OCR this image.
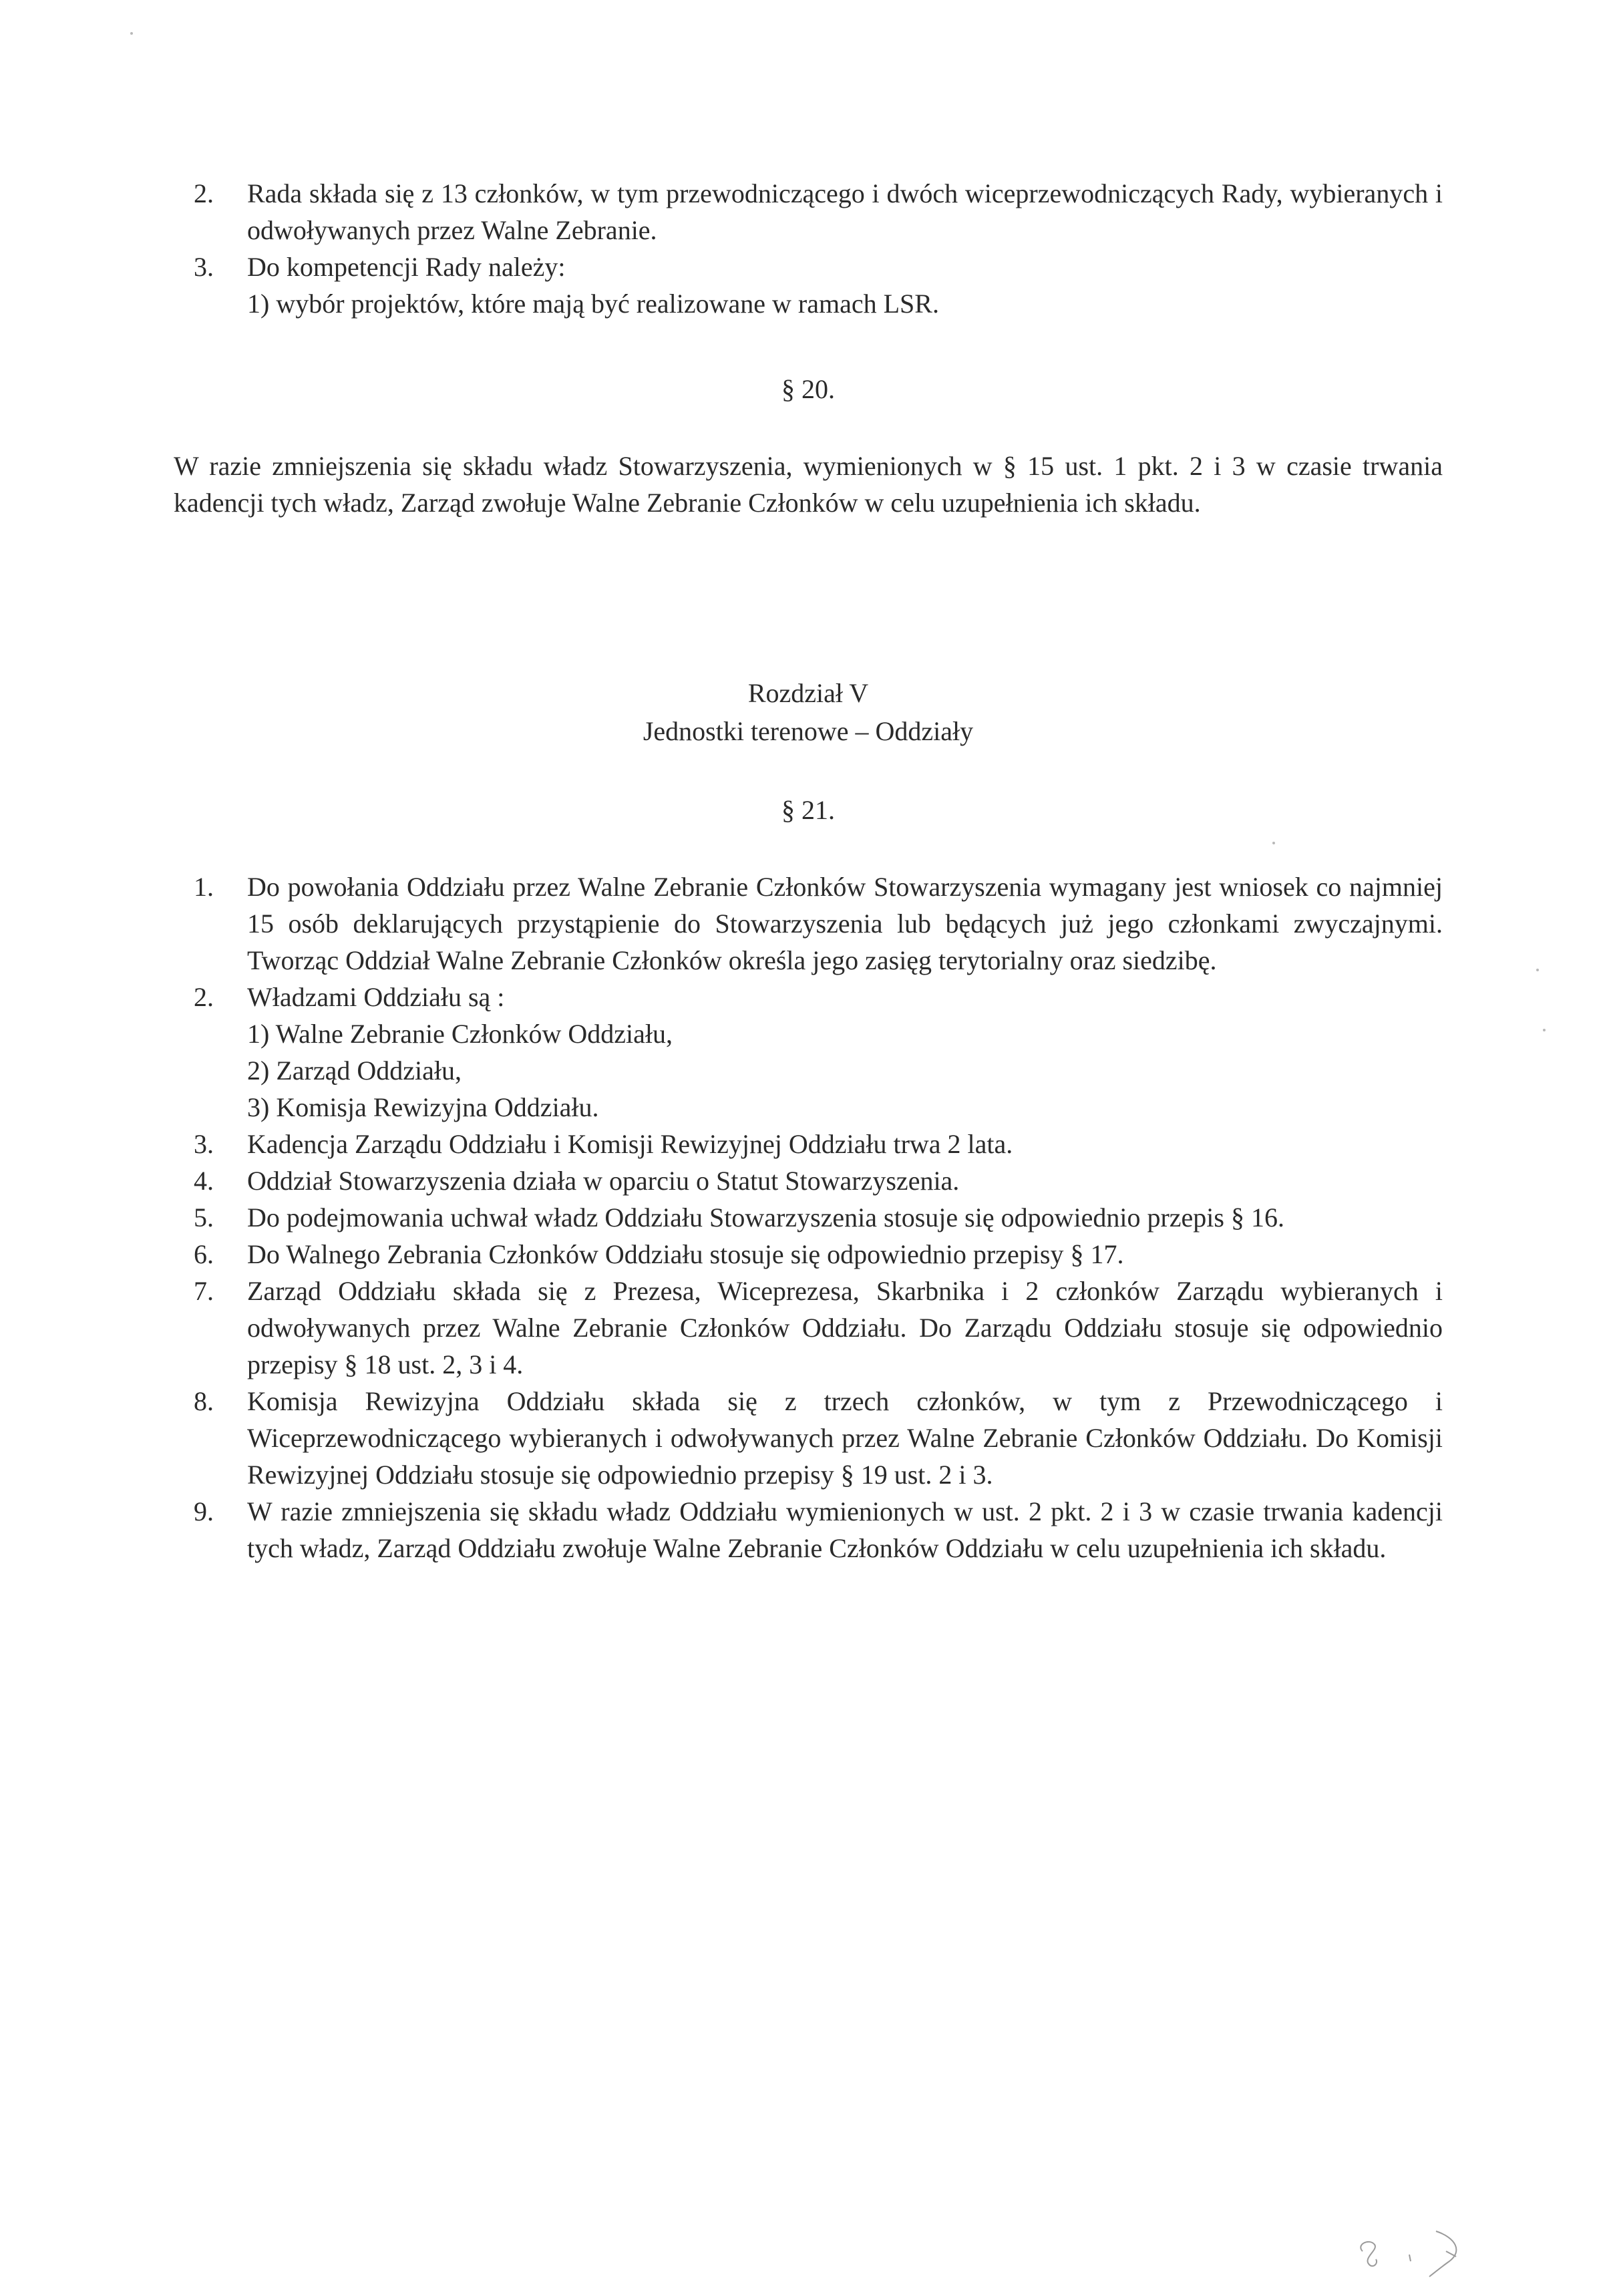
2. Rada składa się z 13 członków, w tym przewodniczącego i dwóch wiceprzewodniczących Rady, wybieranych i odwoływanych przez Walne Zebranie.
3. Do kompetencji Rady należy:
1) wybór projektów, które mają być realizowane w ramach LSR.
§ 20.
W razie zmniejszenia się składu władz Stowarzyszenia, wymienionych w § 15 ust. 1 pkt. 2 i 3 w czasie trwania kadencji tych władz, Zarząd zwołuje Walne Zebranie Członków w celu uzupełnienia ich składu.
Rozdział V
Jednostki terenowe – Oddziały
§ 21.
1. Do powołania Oddziału przez Walne Zebranie Członków Stowarzyszenia wymagany jest wniosek co najmniej 15 osób deklarujących przystąpienie do Stowarzyszenia lub będących już jego członkami zwyczajnymi. Tworząc Oddział Walne Zebranie Członków określa jego zasięg terytorialny oraz siedzibę.
2. Władzami Oddziału są :
1) Walne Zebranie Członków Oddziału,
2) Zarząd Oddziału,
3) Komisja Rewizyjna Oddziału.
3. Kadencja Zarządu Oddziału i Komisji Rewizyjnej Oddziału trwa 2 lata.
4. Oddział Stowarzyszenia działa w oparciu o Statut Stowarzyszenia.
5. Do podejmowania uchwał władz Oddziału Stowarzyszenia stosuje się odpowiednio przepis § 16.
6. Do Walnego Zebrania Członków Oddziału stosuje się odpowiednio przepisy § 17.
7. Zarząd Oddziału składa się z Prezesa, Wiceprezesa, Skarbnika i 2 członków Zarządu wybieranych i odwoływanych przez Walne Zebranie Członków Oddziału. Do Zarządu Oddziału stosuje się odpowiednio przepisy § 18 ust. 2, 3 i 4.
8. Komisja Rewizyjna Oddziału składa się z trzech członków, w tym z Przewodniczącego i Wiceprzewodniczącego wybieranych i odwoływanych przez Walne Zebranie Członków Oddziału. Do Komisji Rewizyjnej Oddziału stosuje się odpowiednio przepisy § 19 ust. 2 i 3.
9. W razie zmniejszenia się składu władz Oddziału wymienionych w ust. 2 pkt. 2 i 3 w czasie trwania kadencji tych władz, Zarząd Oddziału zwołuje Walne Zebranie Członków Oddziału w celu uzupełnienia ich składu.
